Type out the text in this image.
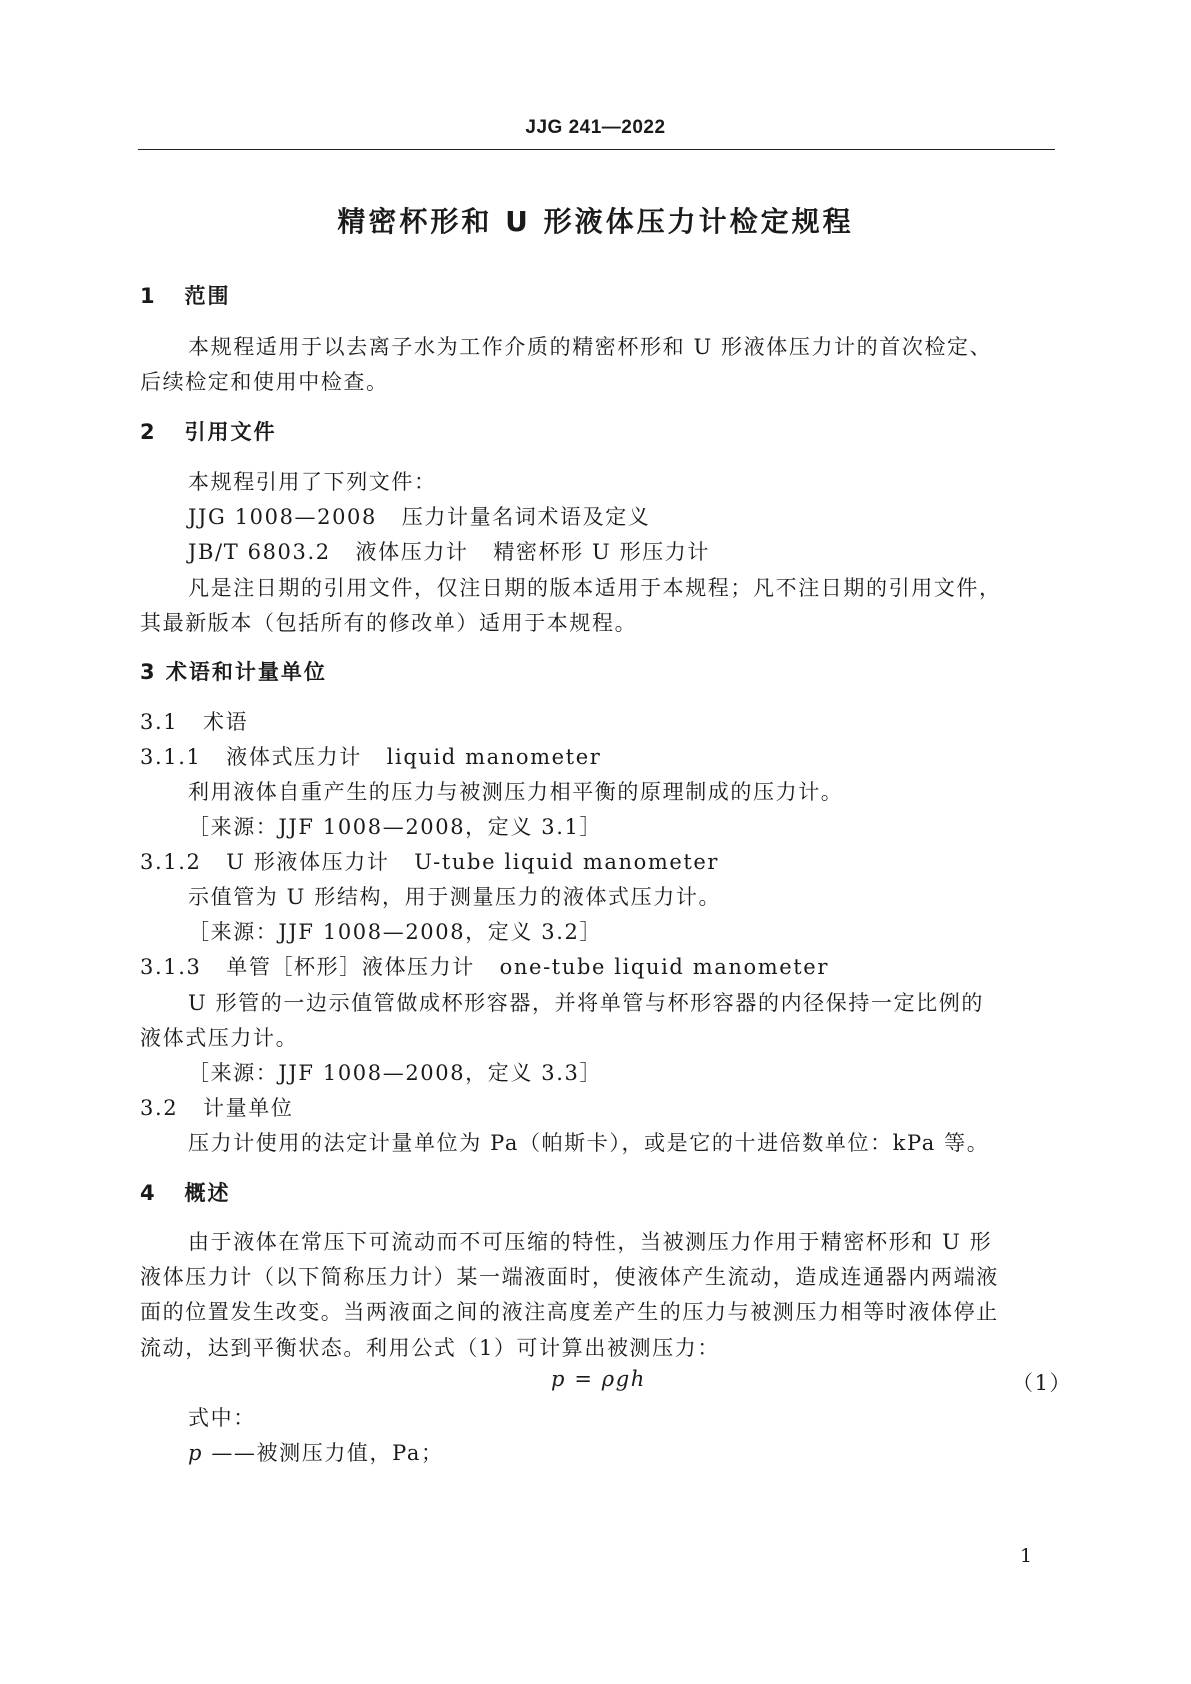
JJG 241—2022
精密杯形和 U 形液体压力计检定规程
1   范围
本规程适用于以去离子水为工作介质的精密杯形和 U 形液体压力计的首次检定、
后续检定和使用中检查。
2   引用文件
本规程引用了下列文件：
JJG 1008—2008   压力计量名词术语及定义
JB/T 6803.2   液体压力计   精密杯形 U 形压力计
凡是注日期的引用文件，仅注日期的版本适用于本规程；凡不注日期的引用文件，
其最新版本（包括所有的修改单）适用于本规程。
3 术语和计量单位
3.1   术语
3.1.1   液体式压力计   liquid manometer
利用液体自重产生的压力与被测压力相平衡的原理制成的压力计。
［来源：JJF 1008—2008，定义 3.1］
3.1.2   U 形液体压力计   U-tube liquid manometer
示值管为 U 形结构，用于测量压力的液体式压力计。
［来源：JJF 1008—2008，定义 3.2］
3.1.3   单管［杯形］液体压力计   one-tube liquid manometer
U 形管的一边示值管做成杯形容器，并将单管与杯形容器的内径保持一定比例的
液体式压力计。
［来源：JJF 1008—2008，定义 3.3］
3.2   计量单位
压力计使用的法定计量单位为 Pa（帕斯卡），或是它的十进倍数单位：kPa 等。
4   概述
由于液体在常压下可流动而不可压缩的特性，当被测压力作用于精密杯形和 U 形
液体压力计（以下简称压力计）某一端液面时，使液体产生流动，造成连通器内两端液
面的位置发生改变。当两液面之间的液注高度差产生的压力与被测压力相等时液体停止
流动，达到平衡状态。利用公式（1）可计算出被测压力：
p = ρgh	（1）
式中：
p ——被测压力值，Pa；
1
